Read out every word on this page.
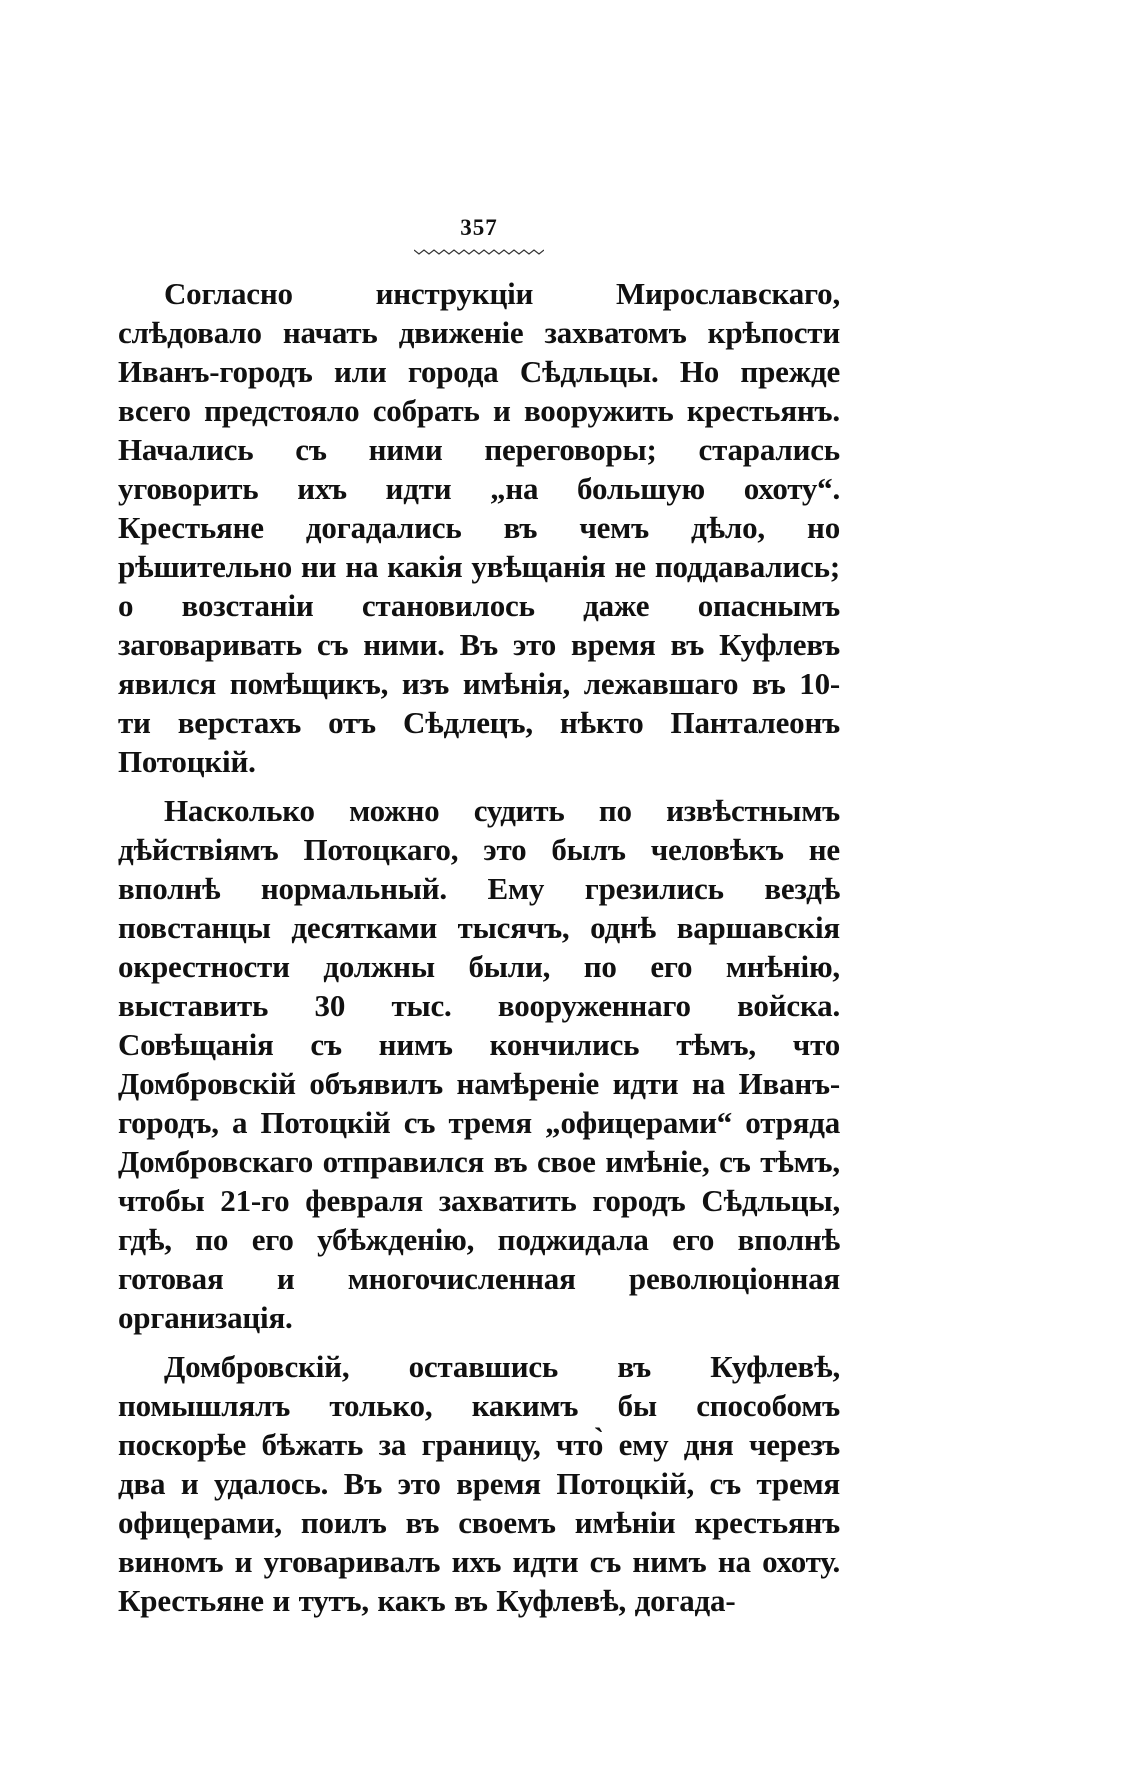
357

Согласно инструкцiи Мирославскаго, слѣдовало начать движенiе захватомъ крѣпости Иванъ-городъ или города Сѣдльцы. Но прежде всего предстояло собрать и вооружить крестьянъ. Начались съ ними переговоры; старались уговорить ихъ идти „на большую охоту“. Крестьяне догадались въ чемъ дѣло, но рѣшительно ни на какiя увѣщанiя не поддавались; о возстанiи становилось даже опаснымъ заговаривать съ ними. Въ это время въ Куфлевъ явился помѣщикъ, изъ имѣнiя, лежавшаго въ 10-ти верстахъ отъ Сѣдлецъ, нѣкто Панталеонъ Потоцкiй.

Насколько можно судить по извѣстнымъ дѣйствiямъ Потоцкаго, это былъ человѣкъ не вполнѣ нормальный. Ему грезились вездѣ повстанцы десятками тысячъ, однѣ варшавскiя окрестности должны были, по его мнѣнiю, выставить 30 тыс. вооруженнаго войска. Совѣщанiя съ нимъ кончились тѣмъ, что Домбровскiй объявилъ намѣренiе идти на Иванъ-городъ, а Потоцкiй съ тремя „офицерами“ отряда Домбровскаго отправился въ свое имѣнiе, съ тѣмъ, чтобы 21-го февраля захватить городъ Сѣдльцы, гдѣ, по его убѣжденiю, поджидала его вполнѣ готовая и многочисленная революцiонная организацiя.

Домбровскiй, оставшись въ Куфлевѣ, помышлялъ только, какимъ бы способомъ поскорѣе бѣжать за границу, что̀ ему дня черезъ два и удалось. Въ это время Потоцкiй, съ тремя офицерами, поилъ въ своемъ имѣнiи крестьянъ виномъ и уговаривалъ ихъ идти съ нимъ на охоту. Крестьяне и тутъ, какъ въ Куфлевѣ, догада-
